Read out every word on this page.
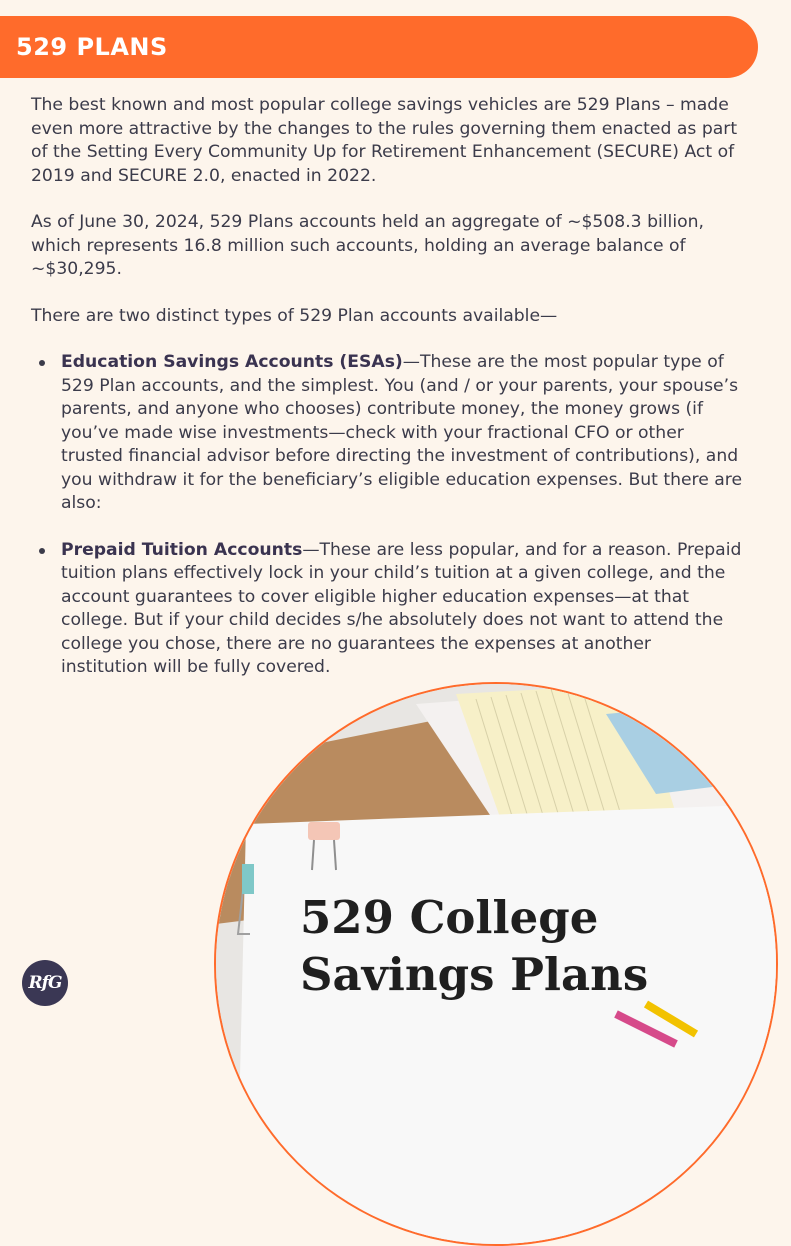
529 PLANS

The best known and most popular college savings vehicles are 529 Plans – made even more attractive by the changes to the rules governing them enacted as part of the Setting Every Community Up for Retirement Enhancement (SECURE) Act of 2019 and SECURE 2.0, enacted in 2022.

As of June 30, 2024, 529 Plans accounts held an aggregate of ~$508.3 billion, which represents 16.8 million such accounts, holding an average balance of ~$30,295.

There are two distinct types of 529 Plan accounts available—

Education Savings Accounts (ESAs)—These are the most popular type of 529 Plan accounts, and the simplest. You (and / or your parents, your spouse’s parents, and anyone who chooses) contribute money, the money grows (if you’ve made wise investments—check with your fractional CFO or other trusted financial advisor before directing the investment of contributions), and you withdraw it for the beneficiary’s eligible education expenses. But there are also:
Prepaid Tuition Accounts—These are less popular, and for a reason. Prepaid tuition plans effectively lock in your child’s tuition at a given college, and the account guarantees to cover eligible higher education expenses—at that college. But if your child decides s/he absolutely does not want to attend the college you chose, there are no guarantees the expenses at another institution will be fully covered.

529 College
Savings Plans

RfG
